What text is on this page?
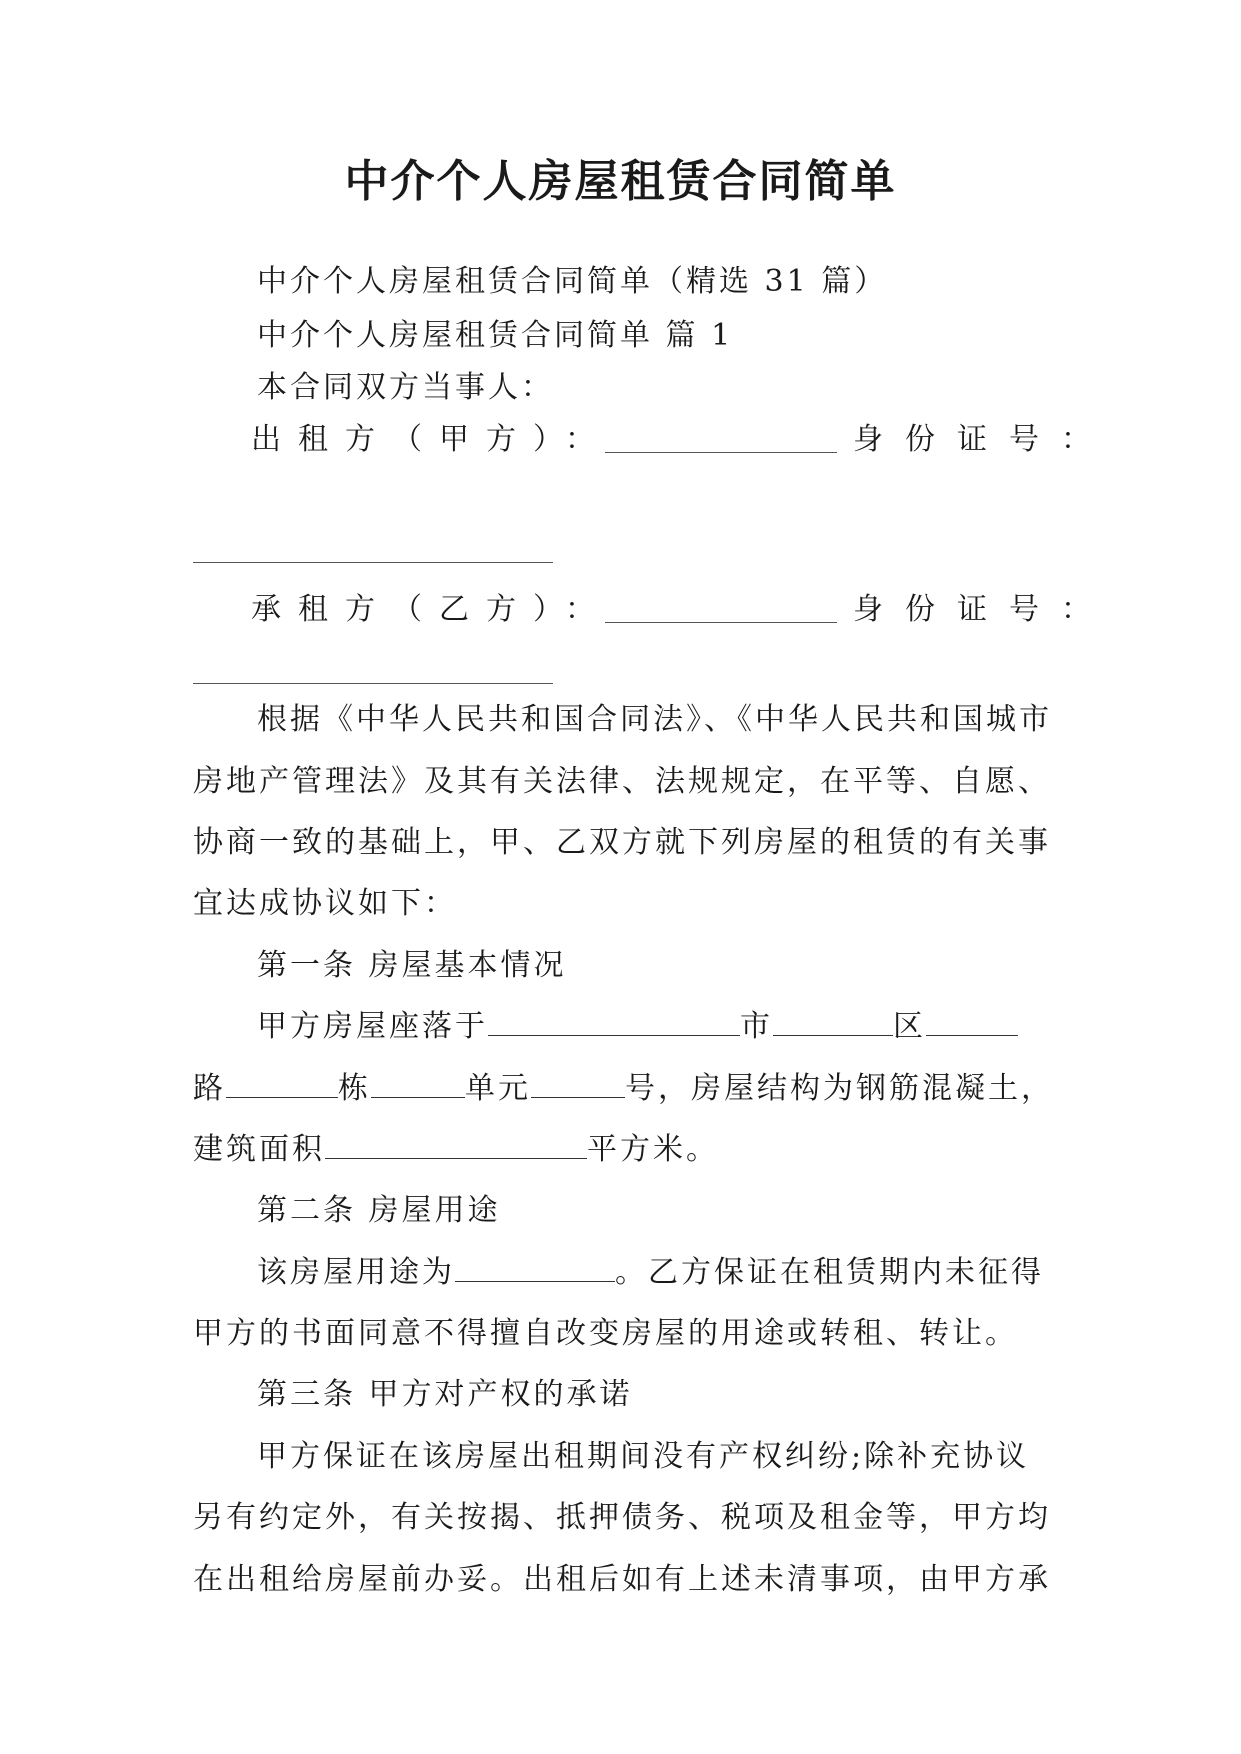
中介个人房屋租赁合同简单
中介个人房屋租赁合同简单（精选 31 篇）
中介个人房屋租赁合同简单 篇 1
本合同双方当事人：
出租方（甲方）：	身份证号：
承租方（乙方）：	身份证号：
根据《中华人民共和国合同法》、《中华人民共和国城市
房地产管理法》及其有关法律、法规规定，在平等、自愿、
协商一致的基础上，甲、乙双方就下列房屋的租赁的有关事
宜达成协议如下：
第一条 房屋基本情况
甲方房屋座落于	市	区
路	栋	单元	号，房屋结构为钢筋混凝土，
建筑面积	平方米。
第二条 房屋用途
该房屋用途为	。乙方保证在租赁期内未征得
甲方的书面同意不得擅自改变房屋的用途或转租、转让。
第三条 甲方对产权的承诺
甲方保证在该房屋出租期间没有产权纠纷;除补充协议
另有约定外，有关按揭、抵押债务、税项及租金等，甲方均
在出租给房屋前办妥。出租后如有上述未清事项，由甲方承
